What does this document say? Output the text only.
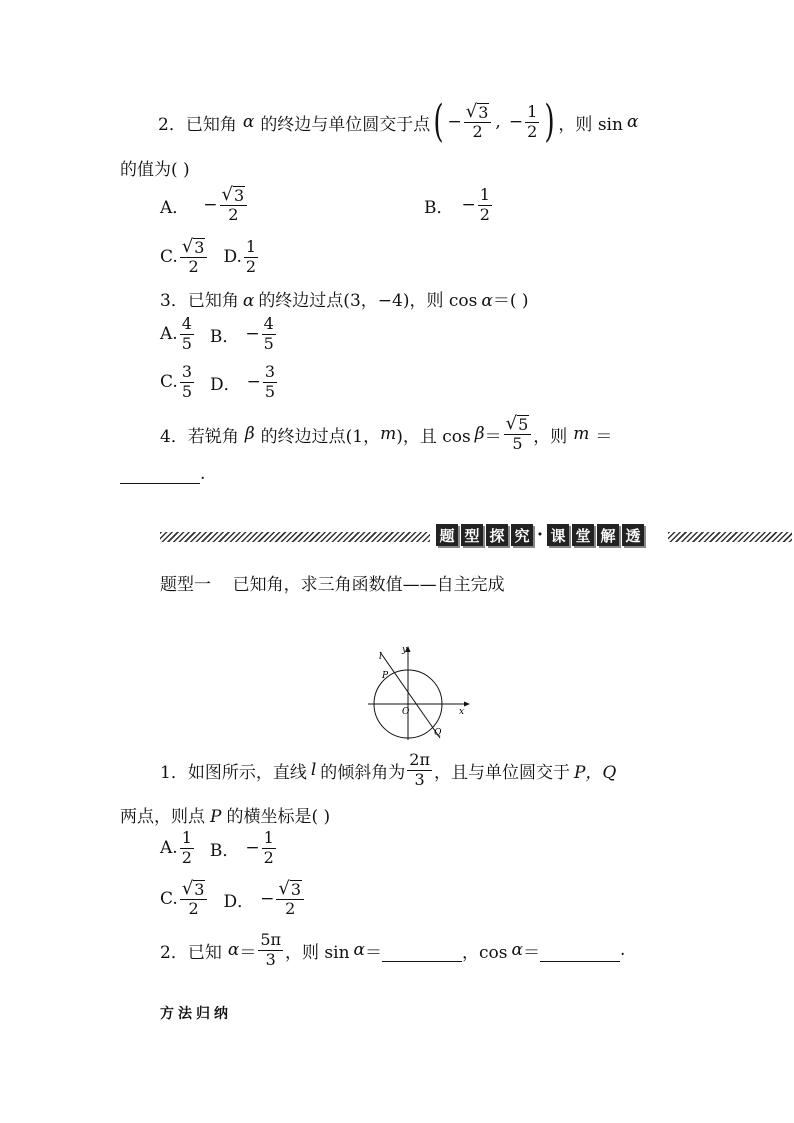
2．已知角 α 的终边与单位圆交于点 ( − $\frac{√ 3}{2}$ , − $\frac{1}{2}$ ) ，则 sin α
的值为( )
A． − $\frac{√ 3}{2}$	B． − $\frac{1}{2}$
C. $\frac{√ 3}{2} D$. $\frac{1}{2}$
3．已知角 α 的终边过点(3，−4)，则 cos α＝( )
A. $\frac{4}{5}$ B． − $\frac{4}{5}$
C. $\frac{3}{5}$ D． − $\frac{3}{5}$
4．若锐角 β 的终边过点(1， m )，且 $\cos \beta = \frac{√ 5}{5}$ ，则 m ＝
.
题 型 探 究 · 课 堂 解 透
题型一    已知角，求三角函数值——自主完成
l
y
P
O	x
Q
1．如图所示，直线 l 的倾斜角为 $\frac{2\pi}{3}$ ，且与单位圆交于 P，Q
两点，则点 P 的横坐标是( )
A. $\frac{1}{2}$ B． − $\frac{1}{2}$
C. $\frac{√ 3}{2}$ D． − $\frac{√ 3}{2}$
2．已知 $\alpha = \frac{5\pi}{3}$ ，则 sin α ＝	，cos α ＝	.
方法归纳
